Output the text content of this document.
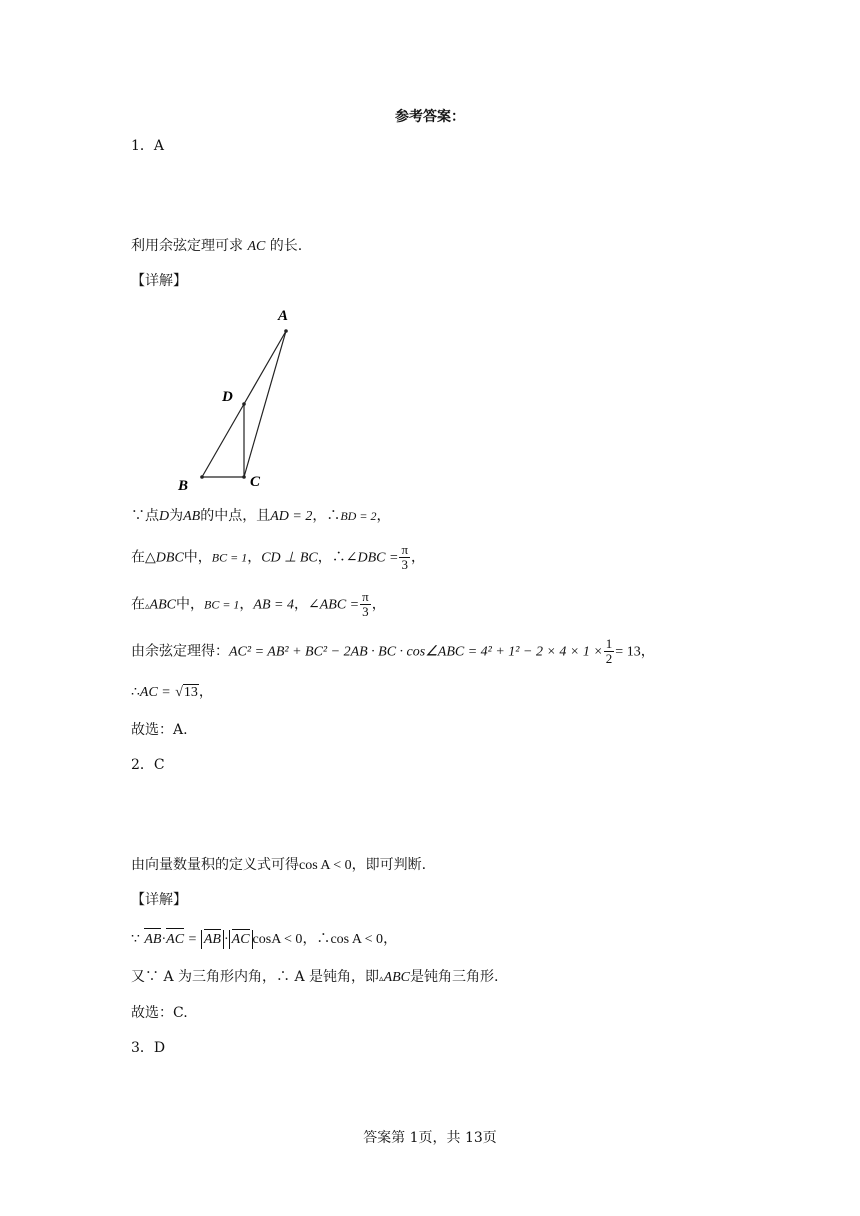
参考答案：
1．A
利用余弦定理可求 AC 的长.
【详解】
A
D
B	C
∵点D为AB的中点，且AD = 2，∴BD = 2，
在△DBC中，BC = 1，CD ⊥ BC，∴∠DBC = $\frac{\pi}{3}$ ，
在▵ABC中，BC = 1，AB = 4，∠ABC = $\frac{\pi}{3}$ ，
由余弦定理得：AC² = AB² + BC² − 2AB · BC · cos∠ABC = $4^2 + 1^2 - 2 \times 4 \times 1 \times \frac{1}{2} = 13$，
∴AC = √13，
故选：A.
2．C
由向量数量积的定义式可得cos A < 0，即可判断.
【详解】
∵ AB·
AC = AB · AC cosA < 0，∴cos A < 0，
又∵ A 为三角形内角，∴ A 是钝角，即▵ABC是钝角三角形.
故选：C.
3．D
答案第 1页，共 13页
